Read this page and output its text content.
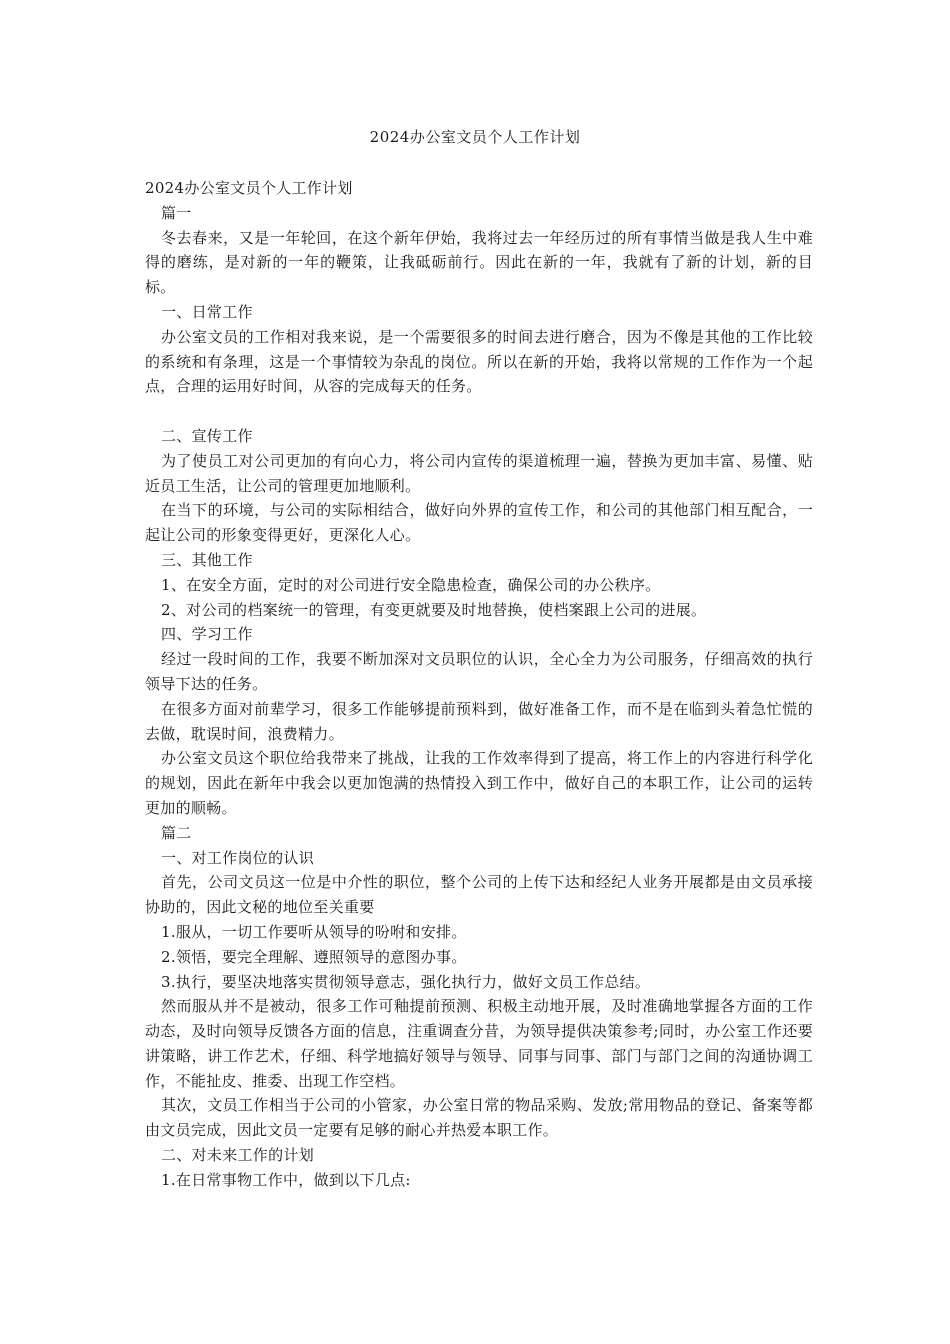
2024办公室文员个人工作计划

2024办公室文员个人工作计划

篇一

冬去春来，又是一年轮回，在这个新年伊始，我将过去一年经历过的所有事情当做是我人生中难得的磨练，是对新的一年的鞭策，让我砥砺前行。因此在新的一年，我就有了新的计划，新的目标。

一、日常工作

办公室文员的工作相对我来说，是一个需要很多的时间去进行磨合，因为不像是其他的工作比较的系统和有条理，这是一个事情较为杂乱的岗位。所以在新的开始，我将以常规的工作作为一个起点，合理的运用好时间，从容的完成每天的任务。

二、宣传工作

为了使员工对公司更加的有向心力，将公司内宣传的渠道梳理一遍，替换为更加丰富、易懂、贴近员工生活，让公司的管理更加地顺利。

在当下的环境，与公司的实际相结合，做好向外界的宣传工作，和公司的其他部门相互配合，一起让公司的形象变得更好，更深化人心。

三、其他工作

1、在安全方面，定时的对公司进行安全隐患检查，确保公司的办公秩序。

2、对公司的档案统一的管理，有变更就要及时地替换，使档案跟上公司的进展。

四、学习工作

经过一段时间的工作，我要不断加深对文员职位的认识，全心全力为公司服务，仔细高效的执行领导下达的任务。

在很多方面对前辈学习，很多工作能够提前预料到，做好准备工作，而不是在临到头着急忙慌的去做，耽误时间，浪费精力。

办公室文员这个职位给我带来了挑战，让我的工作效率得到了提高，将工作上的内容进行科学化的规划，因此在新年中我会以更加饱满的热情投入到工作中，做好自己的本职工作，让公司的运转更加的顺畅。

篇二

一、对工作岗位的认识

首先，公司文员这一位是中介性的职位，整个公司的上传下达和经纪人业务开展都是由文员承接协助的，因此文秘的地位至关重要

1.服从，一切工作要听从领导的吩咐和安排。

2.领悟，要完全理解、遵照领导的意图办事。

3.执行，要坚决地落实贯彻领导意志，强化执行力，做好文员工作总结。

然而服从并不是被动，很多工作可釉提前预测、积极主动地开展，及时准确地掌握各方面的工作动态，及时向领导反馈各方面的信息，注重调查分昔，为领导提供决策参考;同时，办公室工作还要讲策略，讲工作艺术，仔细、科学地搞好领导与领导、同事与同事、部门与部门之间的沟通协调工作，不能扯皮、推委、出现工作空档。

其次，文员工作相当于公司的小管家，办公室日常的物品采购、发放;常用物品的登记、备案等都由文员完成，因此文员一定要有足够的耐心并热爱本职工作。

二、对未来工作的计划

1.在日常事物工作中，做到以下几点:
